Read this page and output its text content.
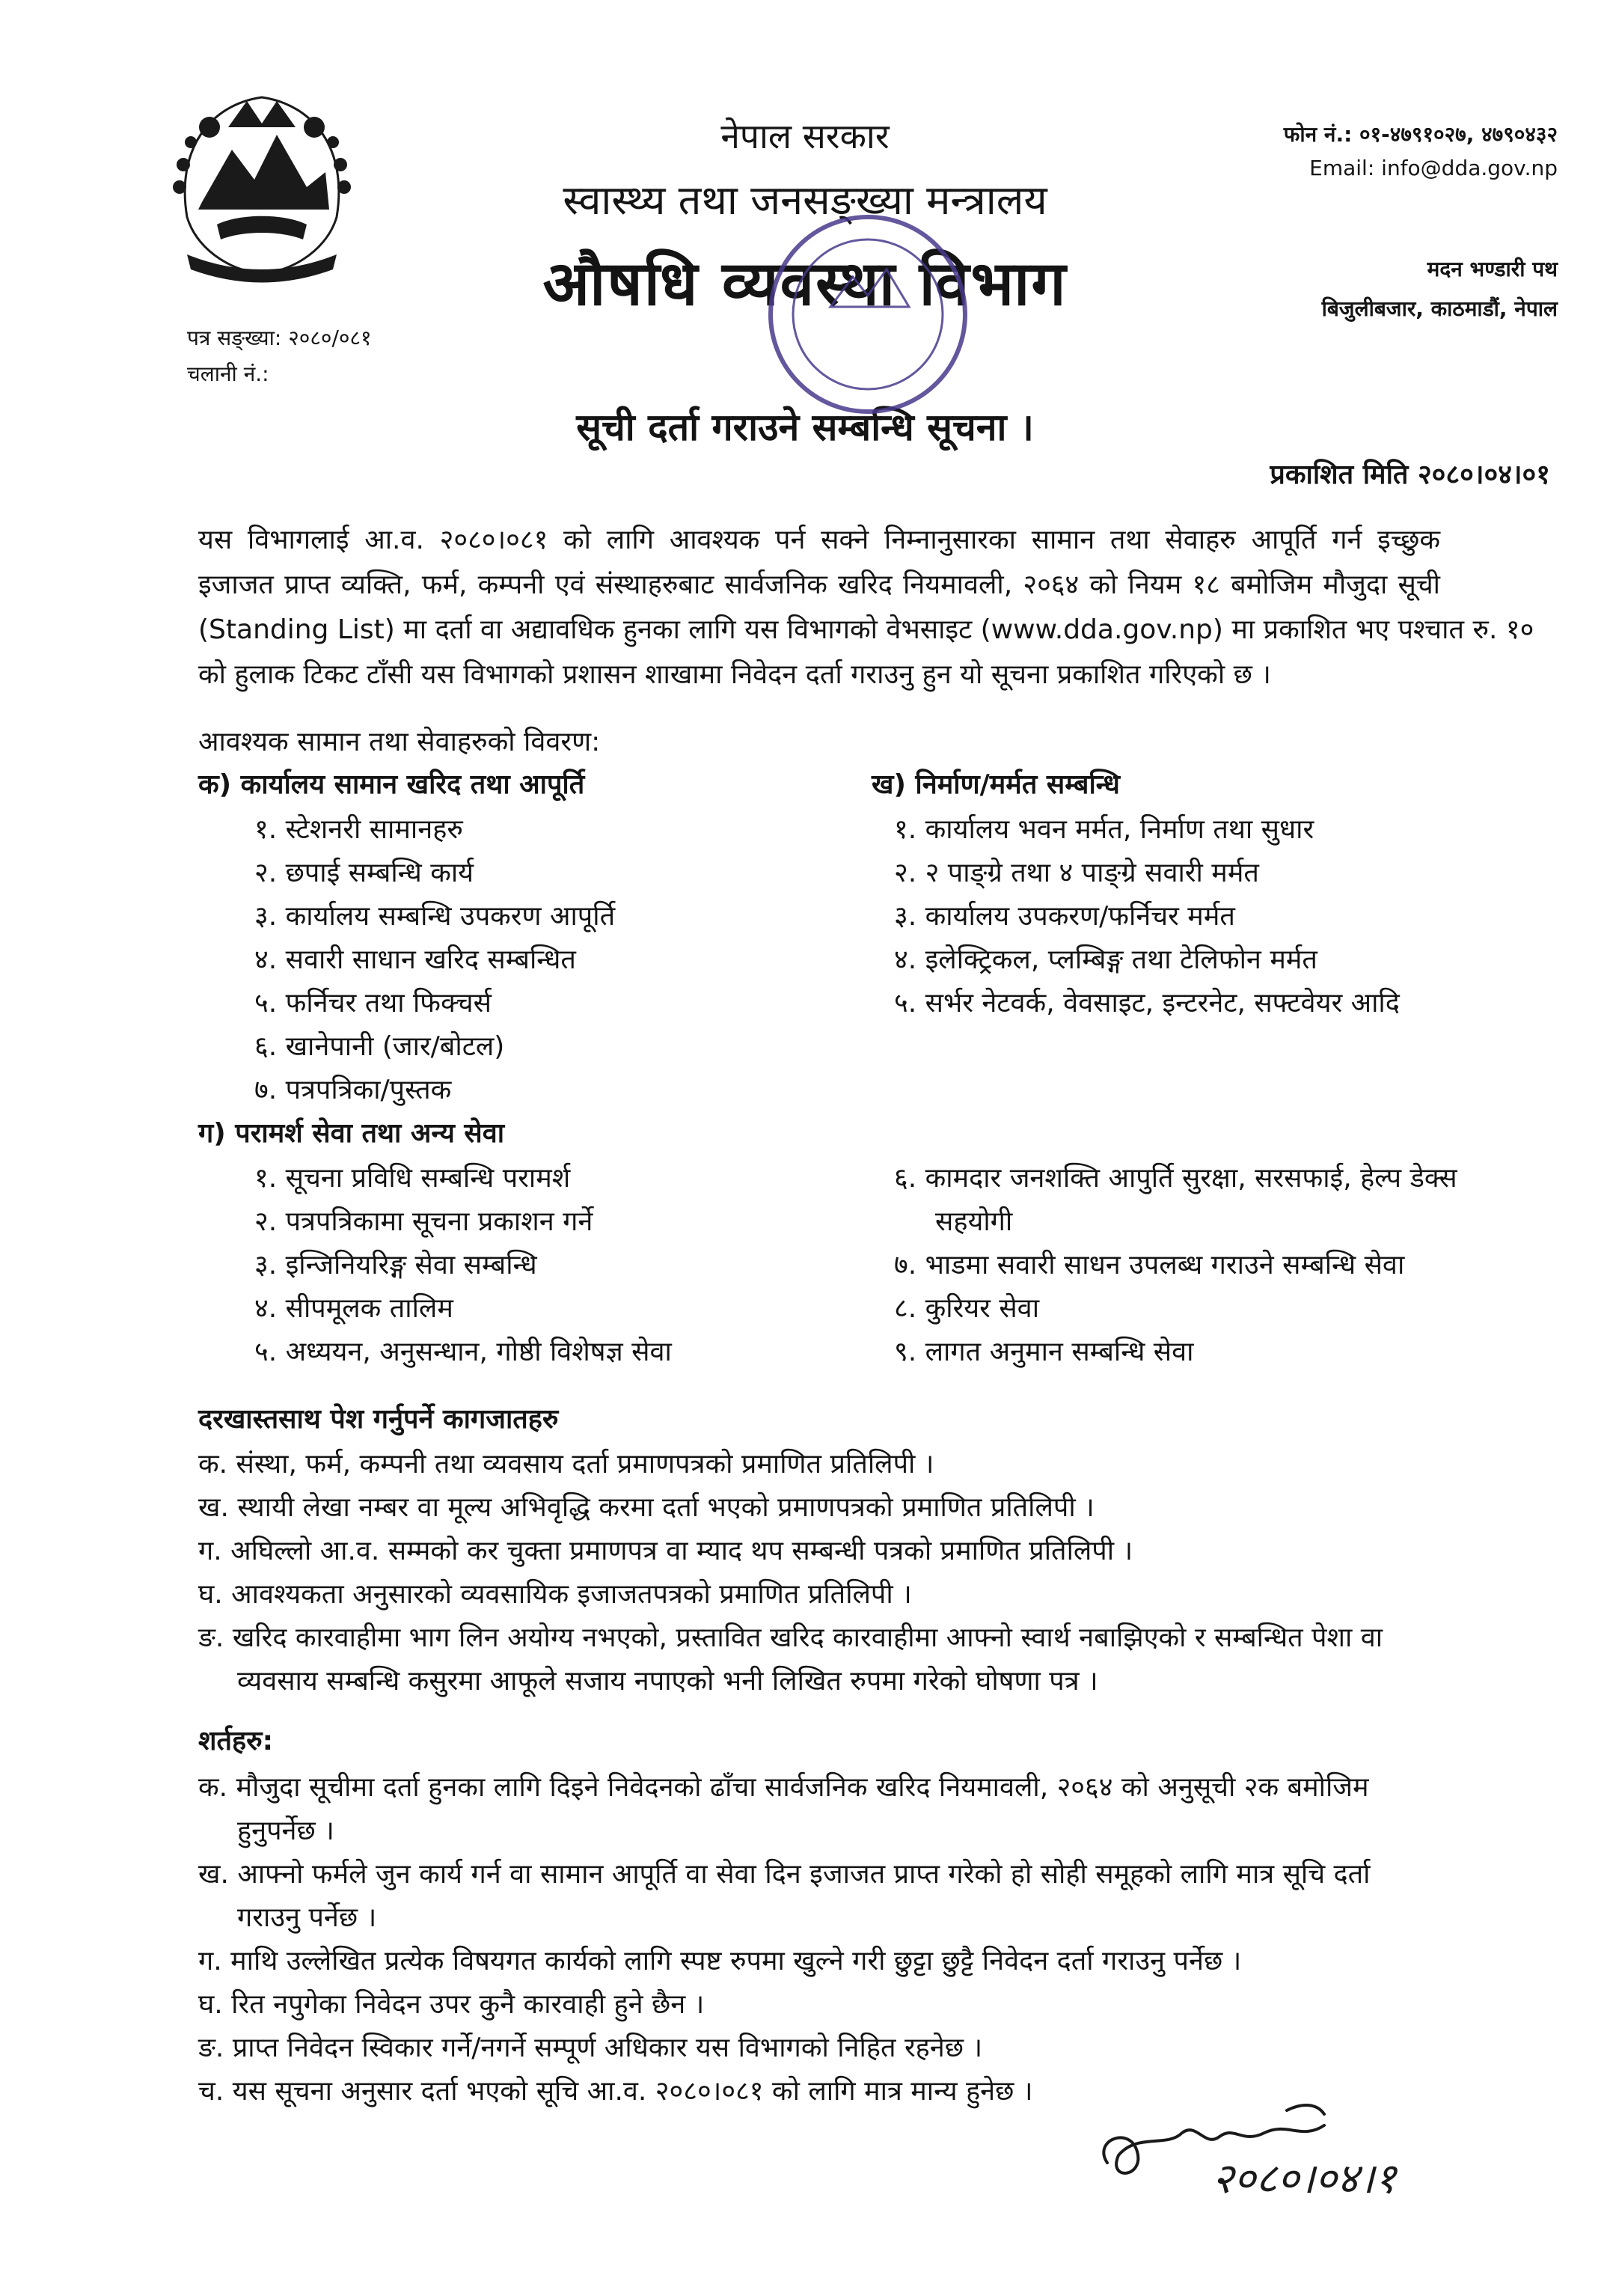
नेपाल सरकार
स्वास्थ्य तथा जनसङ्ख्या मन्त्रालय
औषधि व्यवस्था विभाग
सूची दर्ता गराउने सम्बन्धि सूचना ।
फोन नं.: ०१-४७९१०२७, ४७९०४३२
Email: info@dda.gov.np
मदन भण्डारी पथ
बिजुलीबजार, काठमाडौं, नेपाल
पत्र सङ्ख्या: २०८०/०८१
चलानी नं.:
प्रकाशित मिति २०८०।०४।०१
यस विभागलाई आ.व. २०८०।०८१ को लागि आवश्यक पर्न सक्ने निम्नानुसारका सामान तथा सेवाहरु आपूर्ति गर्न इच्छुक
इजाजत प्राप्त व्यक्ति, फर्म, कम्पनी एवं संस्थाहरुबाट सार्वजनिक खरिद नियमावली, २०६४ को नियम १८ बमोजिम मौजुदा सूची
(Standing List) मा दर्ता वा अद्यावधिक हुनका लागि यस विभागको वेभसाइट (www.dda.gov.np) मा प्रकाशित भए पश्चात रु. १०
को हुलाक टिकट टाँसी यस विभागको प्रशासन शाखामा निवेदन दर्ता गराउनु हुन यो सूचना प्रकाशित गरिएको छ ।
आवश्यक सामान तथा सेवाहरुको विवरण:
क) कार्यालय सामान खरिद तथा आपूर्ति
१. स्टेशनरी सामानहरु
२. छपाई सम्बन्धि कार्य
३. कार्यालय सम्बन्धि उपकरण आपूर्ति
४. सवारी साधान खरिद सम्बन्धित
५. फर्निचर तथा फिक्चर्स
६. खानेपानी (जार/बोटल)
७. पत्रपत्रिका/पुस्तक
ख) निर्माण/मर्मत सम्बन्धि
१. कार्यालय भवन मर्मत, निर्माण तथा सुधार
२. २ पाङ्ग्रे तथा ४ पाङ्ग्रे सवारी मर्मत
३. कार्यालय उपकरण/फर्निचर मर्मत
४. इलेक्ट्रिकल, प्लम्बिङ्ग तथा टेलिफोन मर्मत
५. सर्भर नेटवर्क, वेवसाइट, इन्टरनेट, सफ्टवेयर आदि
ग) परामर्श सेवा तथा अन्य सेवा
१. सूचना प्रविधि सम्बन्धि परामर्श
२. पत्रपत्रिकामा सूचना प्रकाशन गर्ने
३. इन्जिनियरिङ्ग सेवा सम्बन्धि
४. सीपमूलक तालिम
५. अध्ययन, अनुसन्धान, गोष्ठी विशेषज्ञ सेवा
६. कामदार जनशक्ति आपुर्ति सुरक्षा, सरसफाई, हेल्प डेक्स
सहयोगी
७. भाडमा सवारी साधन उपलब्ध गराउने सम्बन्धि सेवा
८. कुरियर सेवा
९. लागत अनुमान सम्बन्धि सेवा
दरखास्तसाथ पेश गर्नुपर्ने कागजातहरु
क. संस्था, फर्म, कम्पनी तथा व्यवसाय दर्ता प्रमाणपत्रको प्रमाणित प्रतिलिपी ।
ख. स्थायी लेखा नम्बर वा मूल्य अभिवृद्धि करमा दर्ता भएको प्रमाणपत्रको प्रमाणित प्रतिलिपी ।
ग. अघिल्लो आ.व. सम्मको कर चुक्ता प्रमाणपत्र वा म्याद थप सम्बन्धी पत्रको प्रमाणित प्रतिलिपी ।
घ. आवश्यकता अनुसारको व्यवसायिक इजाजतपत्रको प्रमाणित प्रतिलिपी ।
ङ. खरिद कारवाहीमा भाग लिन अयोग्य नभएको, प्रस्तावित खरिद कारवाहीमा आफ्नो स्वार्थ नबाझिएको र सम्बन्धित पेशा वा
व्यवसाय सम्बन्धि कसुरमा आफूले सजाय नपाएको भनी लिखित रुपमा गरेको घोषणा पत्र ।
शर्तहरु:
क. मौजुदा सूचीमा दर्ता हुनका लागि दिइने निवेदनको ढाँचा सार्वजनिक खरिद नियमावली, २०६४ को अनुसूची २क बमोजिम
हुनुपर्नेछ ।
ख. आफ्नो फर्मले जुन कार्य गर्न वा सामान आपूर्ति वा सेवा दिन इजाजत प्राप्त गरेको हो सोही समूहको लागि मात्र सूचि दर्ता
गराउनु पर्नेछ ।
ग. माथि उल्लेखित प्रत्येक विषयगत कार्यको लागि स्पष्ट रुपमा खुल्ने गरी छुट्टा छुट्टै निवेदन दर्ता गराउनु पर्नेछ ।
घ. रित नपुगेका निवेदन उपर कुनै कारवाही हुने छैन ।
ङ. प्राप्त निवेदन स्विकार गर्ने/नगर्ने सम्पूर्ण अधिकार यस विभागको निहित रहनेछ ।
च. यस सूचना अनुसार दर्ता भएको सूचि आ.व. २०८०।०८१ को लागि मात्र मान्य हुनेछ ।
२०८०।०४।१
